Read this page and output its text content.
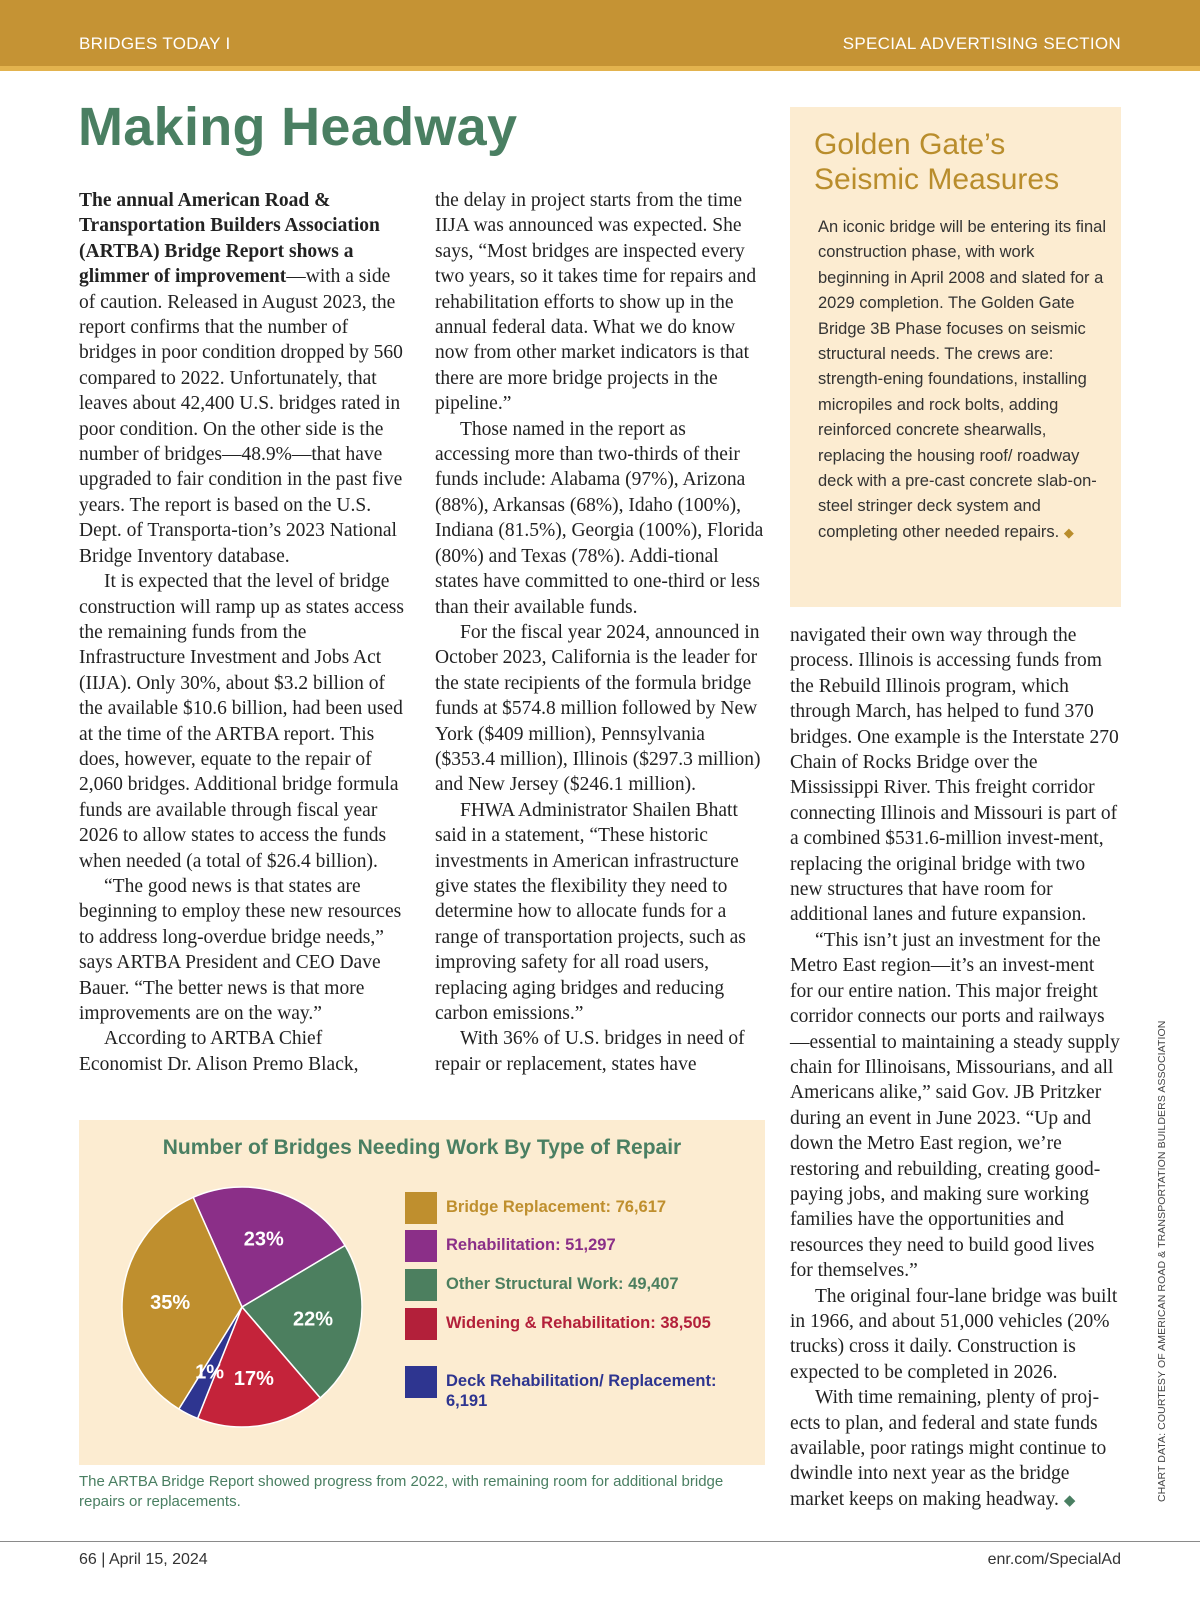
BRIDGES TODAY I	SPECIAL ADVERTISING SECTION
Making Headway

The annual American Road & Transportation Builders Association (ARTBA) Bridge Report shows a glimmer of improvement—with a side of caution. Released in August 2023, the report confirms that the number of bridges in poor condition dropped by 560 compared to 2022. Unfortunately, that leaves about 42,400 U.S. bridges rated in poor condition. On the other side is the number of bridges—48.9%—that have upgraded to fair condition in the past five years. The report is based on the U.S. Dept. of Transporta-tion’s 2023 National Bridge Inventory database.

It is expected that the level of bridge construction will ramp up as states access the remaining funds from the Infrastructure Investment and Jobs Act (IIJA). Only 30%, about $3.2 billion of the available $10.6 billion, had been used at the time of the ARTBA report. This does, however, equate to the repair of 2,060 bridges. Additional bridge formula funds are available through fiscal year 2026 to allow states to access the funds when needed (a total of $26.4 billion).

“The good news is that states are beginning to employ these new resources to address long-overdue bridge needs,” says ARTBA President and CEO Dave Bauer. “The better news is that more improvements are on the way.”

According to ARTBA Chief Economist Dr. Alison Premo Black,

the delay in project starts from the time IIJA was announced was expected. She says, “Most bridges are inspected every two years, so it takes time for repairs and rehabilitation efforts to show up in the annual federal data. What we do know now from other market indicators is that there are more bridge projects in the pipeline.”

Those named in the report as accessing more than two-thirds of their funds include: Alabama (97%), Arizona (88%), Arkansas (68%), Idaho (100%), Indiana (81.5%), Georgia (100%), Florida (80%) and Texas (78%). Addi-tional states have committed to one-third or less than their available funds.

For the fiscal year 2024, announced in October 2023, California is the leader for the state recipients of the formula bridge funds at $574.8 million followed by New York ($409 million), Pennsylvania ($353.4 million), Illinois ($297.3 million) and New Jersey ($246.1 million).

FHWA Administrator Shailen Bhatt said in a statement, “These historic investments in American infrastructure give states the flexibility they need to determine how to allocate funds for a range of transportation projects, such as improving safety for all road users, replacing aging bridges and reducing carbon emissions.”

With 36% of U.S. bridges in need of repair or replacement, states have

Golden Gate’s Seismic Measures
An iconic bridge will be entering its final construction phase, with work beginning in April 2008 and slated for a 2029 completion. The Golden Gate Bridge 3B Phase focuses on seismic structural needs. The crews are: strength-ening foundations, installing micropiles and rock bolts, adding reinforced concrete shearwalls, replacing the housing roof/ roadway deck with a pre-cast concrete slab-on-steel stringer deck system and completing other needed repairs. ◆

navigated their own way through the process. Illinois is accessing funds from the Rebuild Illinois program, which through March, has helped to fund 370 bridges. One example is the Interstate 270 Chain of Rocks Bridge over the Mississippi River. This freight corridor connecting Illinois and Missouri is part of a combined $531.6-million invest-ment, replacing the original bridge with two new structures that have room for additional lanes and future expansion.

“This isn’t just an investment for the Metro East region—it’s an invest-ment for our entire nation. This major freight corridor connects our ports and railways—essential to maintaining a steady supply chain for Illinoisans, Missourians, and all Americans alike,” said Gov. JB Pritzker during an event in June 2023. “Up and down the Metro East region, we’re restoring and rebuilding, creating good-paying jobs, and making sure working families have the opportunities and resources they need to build good lives for themselves.”

The original four-lane bridge was built in 1966, and about 51,000 vehicles (20% trucks) cross it daily. Construction is expected to be completed in 2026.

With time remaining, plenty of proj-ects to plan, and federal and state funds available, poor ratings might continue to dwindle into next year as the bridge market keeps on making headway. ◆

Number of Bridges Needing Work By Type of Repair
35%
23%
22%
17%
1%
Bridge Replacement: 76,617
Rehabilitation: 51,297
Other Structural Work: 49,407
Widening & Rehabilitation: 38,505
Deck Rehabilitation/ Replacement: 6,191
The ARTBA Bridge Report showed progress from 2022, with remaining room for additional bridge repairs or replacements.	CHART DATA: COURTESY OF AMERICAN ROAD & TRANSPORTATION BUILDERS ASSOCIATION
66 | April 15, 2024	enr.com/SpecialAd
